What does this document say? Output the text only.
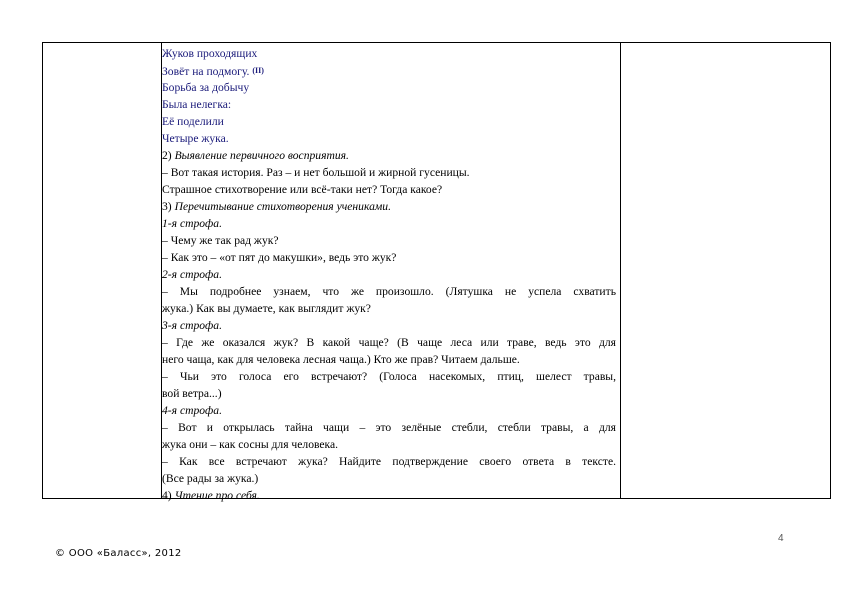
Жуков проходящих
Зовёт на подмогу. $^{(II)}$
Борьба за добычу
Была нелегка:
Её поделили
Четыре жука.
2) Выявление первичного восприятия.
– Вот такая история. Раз – и нет большой и жирной гусеницы.
Страшное стихотворение или всё-таки нет? Тогда какое?
3) Перечитывание стихотворения учениками.
1-я строфа.
– Чему же так рад жук?
– Как это – «от пят до макушки», ведь это жук?
2-я строфа.
– Мы подробнее узнаем, что же произошло. (Лятушка не успела схватить
жука.) Как вы думаете, как выглядит жук?
3-я строфа.
– Где же оказался жук? В какой чаще? (В чаще леса или траве, ведь это для
него чаща, как для человека лесная чаща.) Кто же прав? Читаем дальше.
– Чьи это голоса его встречают? (Голоса насекомых, птиц, шелест травы,
вой ветра...)
4-я строфа.
– Вот и открылась тайна чащи – это зелёные стебли, стебли травы, а для
жука они – как сосны для человека.
– Как все встречают жука? Найдите подтверждение своего ответа в тексте.
(Все рады за жука.)
4) Чтение про себя.
4
© ООО «Баласс», 2012
